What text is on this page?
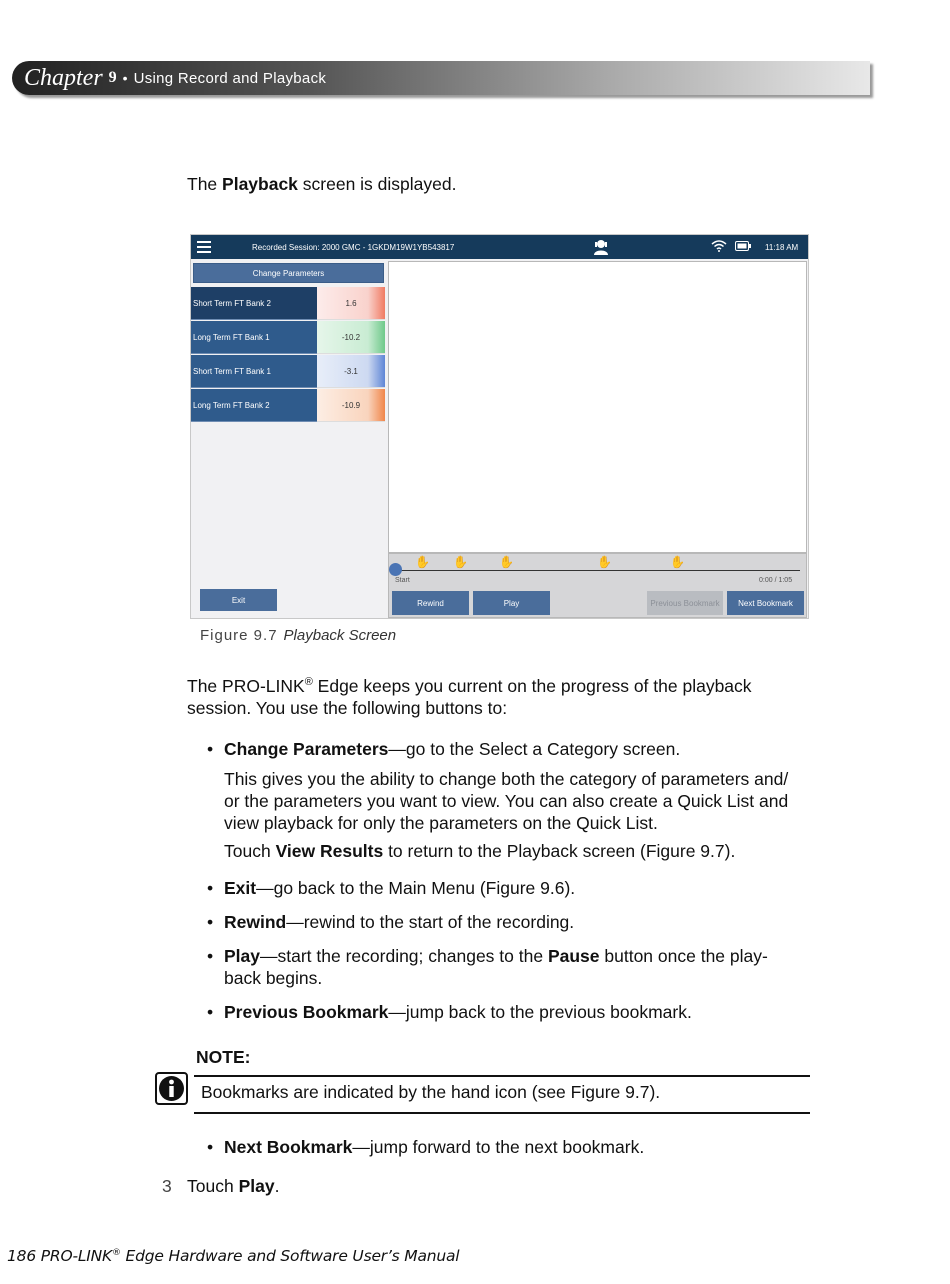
Chapter 9 • Using Record and Playback
The Playback screen is displayed.
Recorded Session: 2000 GMC - 1GKDM19W1YB543817	11:18 AM
Change Parameters
Short Term FT Bank 2	1.6
Long Term FT Bank 1	-10.2
Short Term FT Bank 1	-3.1
Long Term FT Bank 2	-10.9
✋ ✋	✋	✋	✋
Start	0:00 / 1:05
Rewind	Play	Previous Bookmark	Next Bookmark
Exit
Figure 9.7 Playback Screen
The PRO-LINK® Edge keeps you current on the progress of the playback
session. You use the following buttons to:
• Change Parameters—go to the Select a Category screen.
This gives you the ability to change both the category of parameters and/
or the parameters you want to view. You can also create a Quick List and
view playback for only the parameters on the Quick List.
Touch View Results to return to the Playback screen (Figure 9.7).
• Exit—go back to the Main Menu (Figure 9.6).
• Rewind—rewind to the start of the recording.
• Play—start the recording; changes to the Pause button once the play-
back begins.
• Previous Bookmark—jump back to the previous bookmark.
NOTE:
Bookmarks are indicated by the hand icon (see Figure 9.7).
• Next Bookmark—jump forward to the next bookmark.
3 Touch Play.
186 PRO-LINK® Edge Hardware and Software User’s Manual
